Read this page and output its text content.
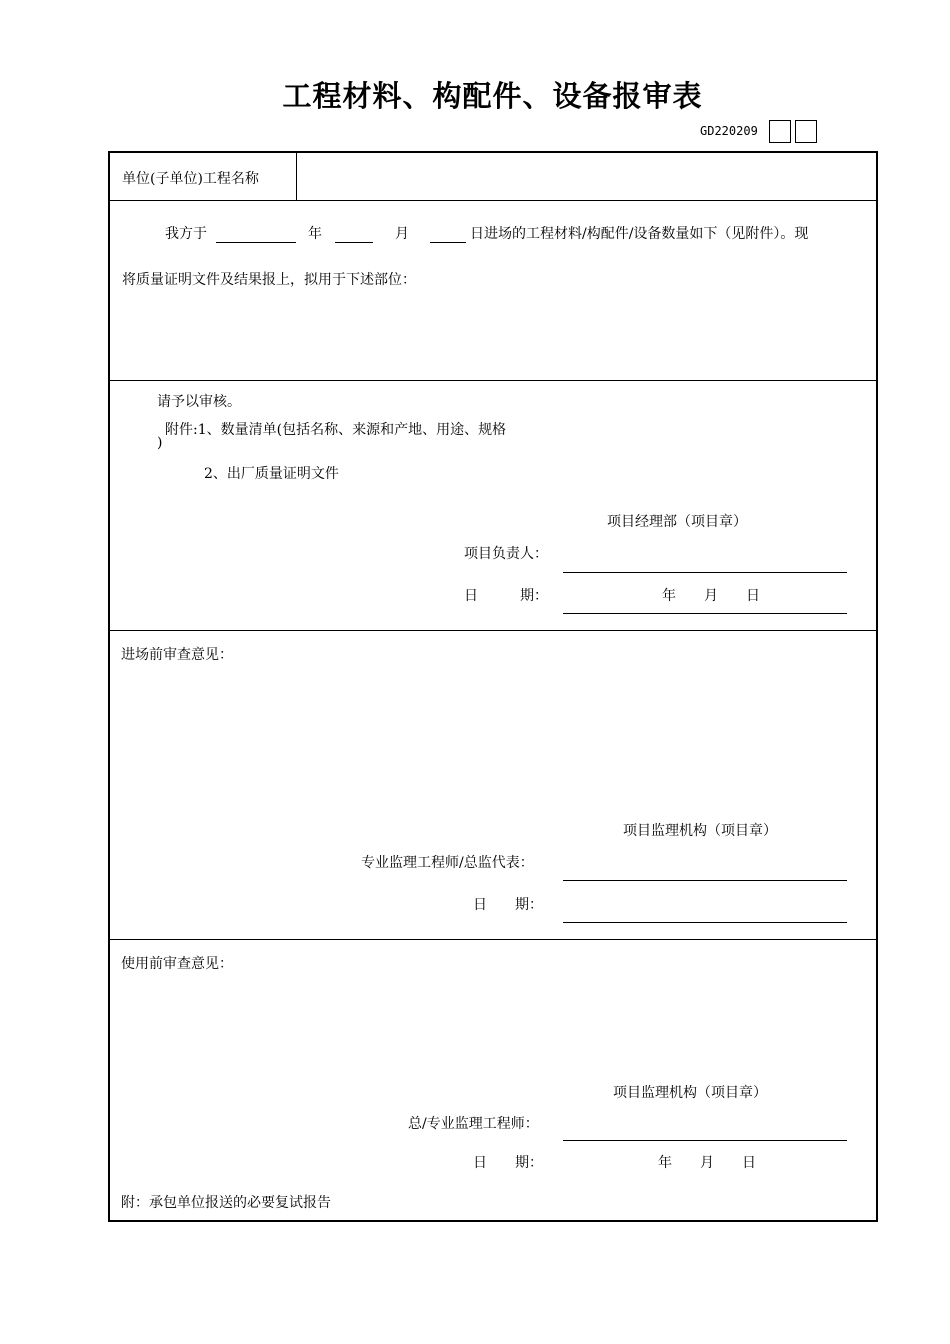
工程材料、构配件、设备报审表
GD220209
单位(子单位)工程名称
我方于	年	月	日进场的工程材料/构配件/设备数量如下（见附件）。现
将质量证明文件及结果报上，拟用于下述部位：
请予以审核。
附件:1、数量清单(包括名称、来源和产地、用途、规格
)
2、出厂质量证明文件
项目经理部（项目章）
项目负责人：
日　　　期：	年　　月　　日
进场前审查意见：
项目监理机构（项目章）
专业监理工程师/总监代表：
日　　期：
使用前审查意见：
项目监理机构（项目章）
总/专业监理工程师：
日　　期：	年　　月　　日
附：承包单位报送的必要复试报告
